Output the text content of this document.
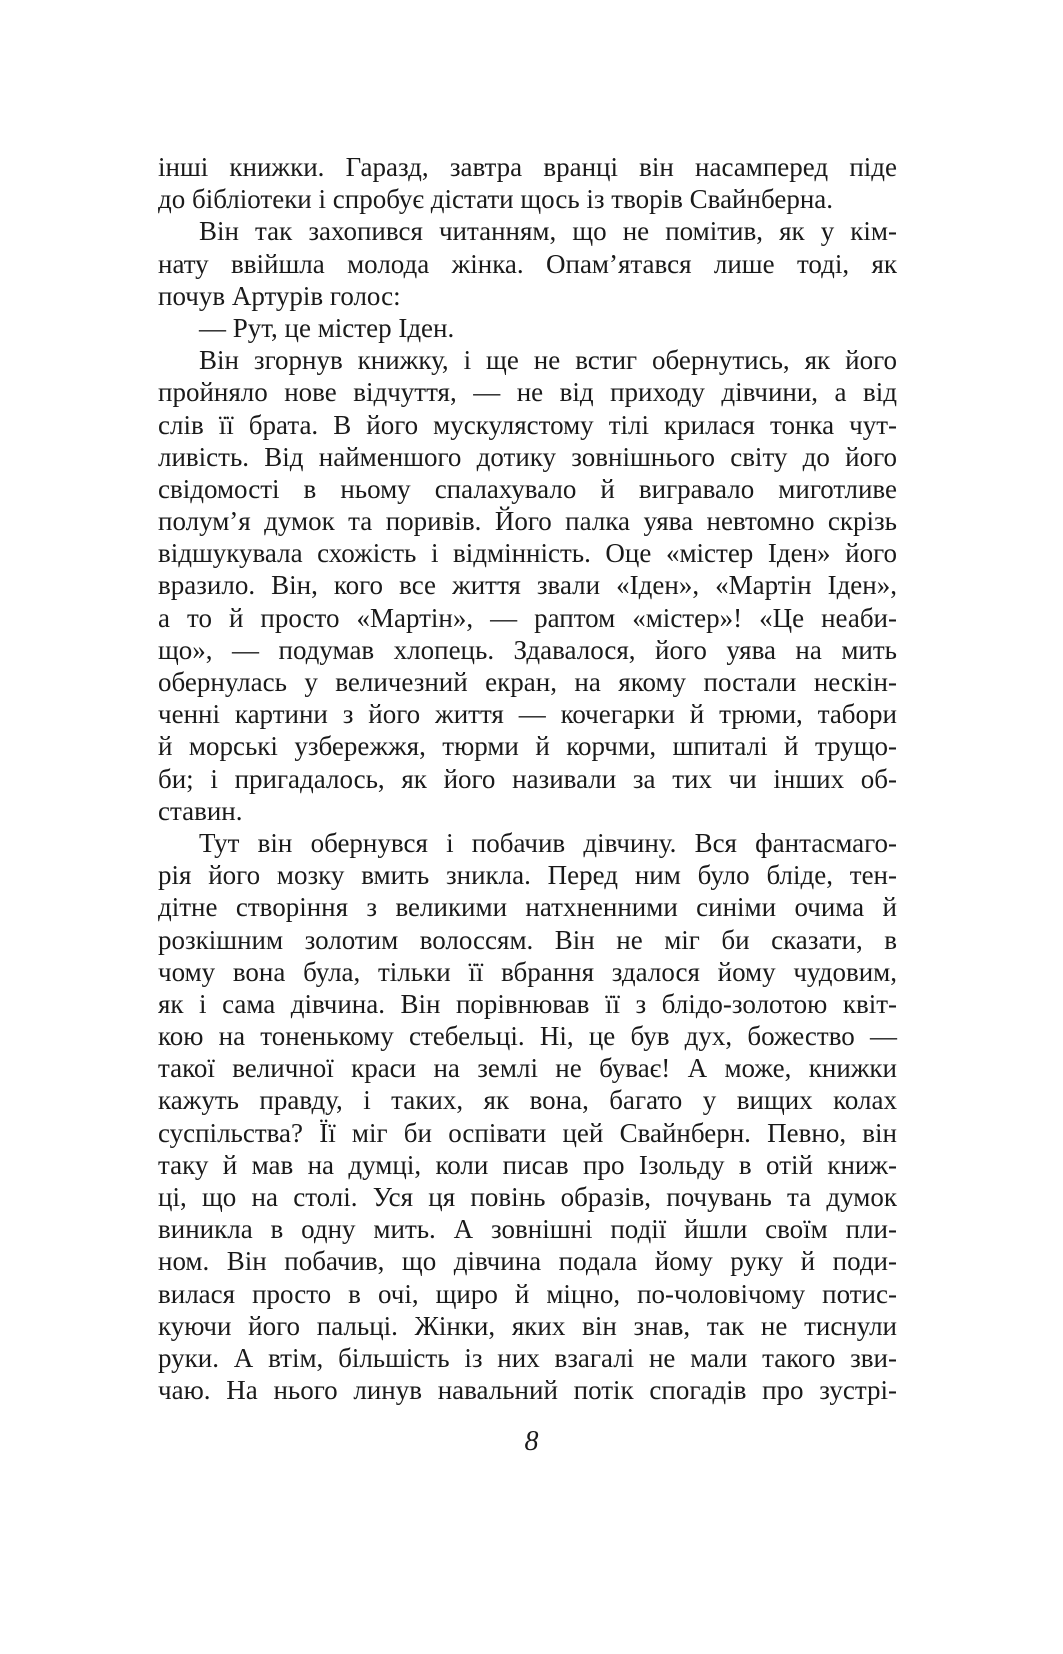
інші книжки. Гаразд, завтра вранці він насамперед піде
до бібліотеки і спробує дістати щось із творів Свайнберна.
Він так захопився читанням, що не помітив, як у кім-
нату ввійшла молода жінка. Опам’ятався лише тоді, як
почув Артурів голос:
— Рут, це містер Іден.
Він згорнув книжку, і ще не встиг обернутись, як його
пройняло нове відчуття, — не від приходу дівчини, а від
слів її брата. В його мускулястому тілі крилася тонка чут-
ливість. Від найменшого дотику зовнішнього світу до його
свідомості в ньому спалахувало й вигравало миготливе
полум’я думок та поривів. Його палка уява невтомно скрізь
відшукувала схожість і відмінність. Оце «містер Іден» його
вразило. Він, кого все життя звали «Іден», «Мартін Іден»,
а то й просто «Мартін», — раптом «містер»! «Це неаби-
що», — подумав хлопець. Здавалося, його уява на мить
обернулась у величезний екран, на якому постали нескін-
ченні картини з його життя — кочегарки й трюми, табори
й морські узбережжя, тюрми й корчми, шпиталі й трущо-
би; і пригадалось, як його називали за тих чи інших об-
ставин.
Тут він обернувся і побачив дівчину. Вся фантасмаго-
рія його мозку вмить зникла. Перед ним було бліде, тен-
дітне створіння з великими натхненними синіми очима й
розкішним золотим волоссям. Він не міг би сказати, в
чому вона була, тільки її вбрання здалося йому чудовим,
як і сама дівчина. Він порівнював її з блідо-золотою квіт-
кою на тоненькому стебельці. Ні, це був дух, божество —
такої величної краси на землі не буває! А може, книжки
кажуть правду, і таких, як вона, багато у вищих колах
суспільства? Її міг би оспівати цей Свайнберн. Певно, він
таку й мав на думці, коли писав про Ізольду в отій книж-
ці, що на столі. Уся ця повінь образів, почувань та думок
виникла в одну мить. А зовнішні події йшли своїм пли-
ном. Він побачив, що дівчина подала йому руку й поди-
вилася просто в очі, щиро й міцно, по-чоловічому потис-
куючи його пальці. Жінки, яких він знав, так не тиснули
руки. А втім, більшість із них взагалі не мали такого зви-
чаю. На нього линув навальний потік спогадів про зустрі-
8
